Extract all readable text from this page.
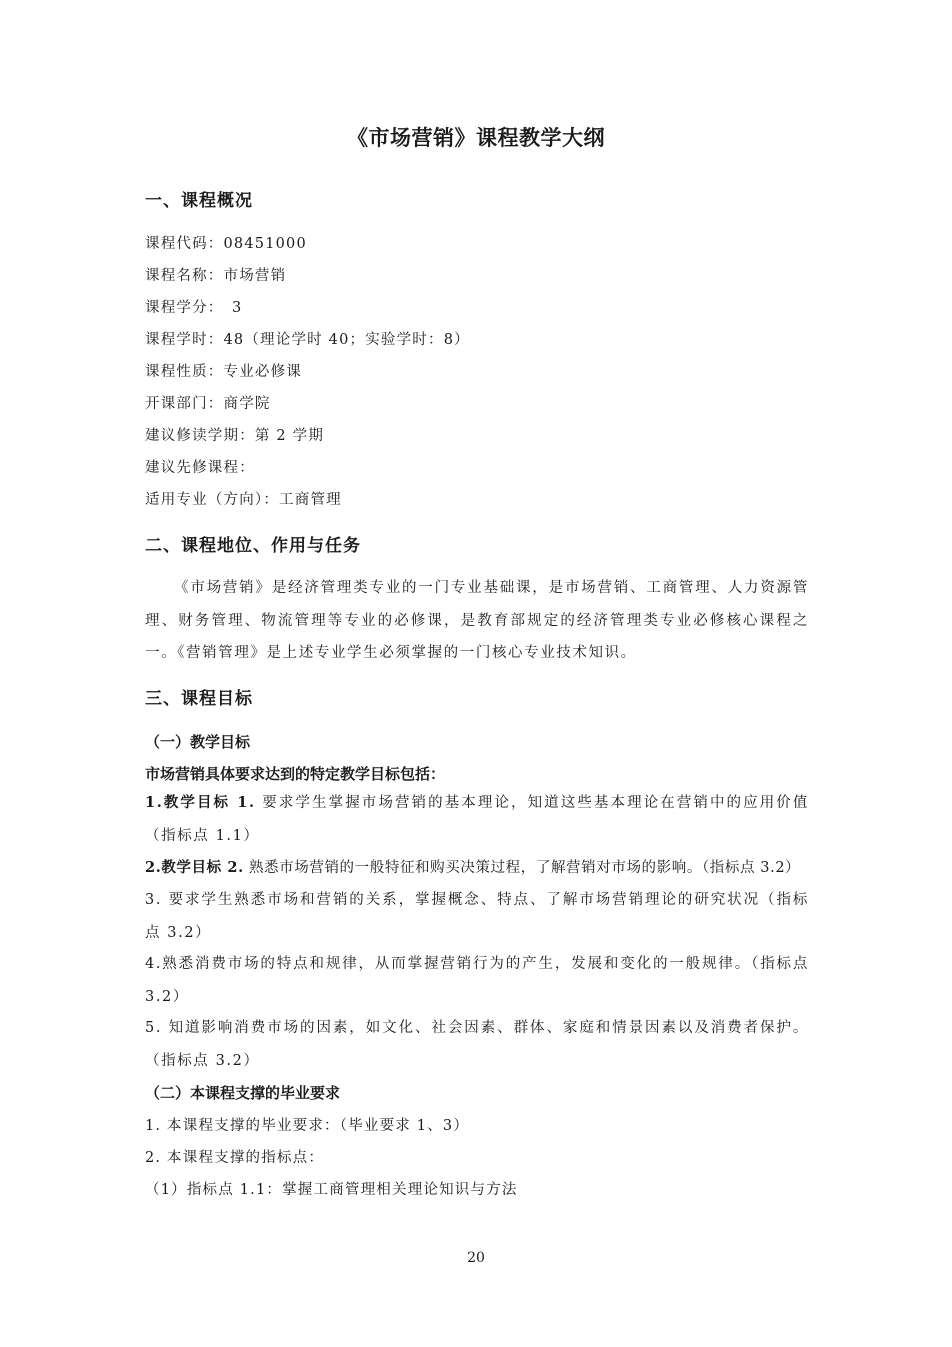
《市场营销》课程教学大纲
一、课程概况
课程代码：08451000
课程名称：市场营销
课程学分：　3
课程学时：48（理论学时 40；实验学时：8）
课程性质：专业必修课
开课部门：商学院
建议修读学期：第 2 学期
建议先修课程：
适用专业（方向）：工商管理
二、课程地位、作用与任务
《市场营销》是经济管理类专业的一门专业基础课，是市场营销、工商管理、人力资源管理、财务管理、物流管理等专业的必修课，是教育部规定的经济管理类专业必修核心课程之一。《营销管理》是上述专业学生必须掌握的一门核心专业技术知识。
三、课程目标
（一）教学目标
市场营销具体要求达到的特定教学目标包括：
1.教学目标 1. 要求学生掌握市场营销的基本理论，知道这些基本理论在营销中的应用价值（指标点 1.1）
2.教学目标 2. 熟悉市场营销的一般特征和购买决策过程，了解营销对市场的影响。（指标点 3.2）
3. 要求学生熟悉市场和营销的关系，掌握概念、特点、了解市场营销理论的研究状况（指标点 3.2）
4.熟悉消费市场的特点和规律，从而掌握营销行为的产生，发展和变化的一般规律。（指标点 3.2）
5. 知道影响消费市场的因素，如文化、社会因素、群体、家庭和情景因素以及消费者保护。（指标点 3.2）
（二）本课程支撑的毕业要求
1. 本课程支撑的毕业要求：（毕业要求 1、3）
2. 本课程支撑的指标点：
（1）指标点 1.1：掌握工商管理相关理论知识与方法
20
